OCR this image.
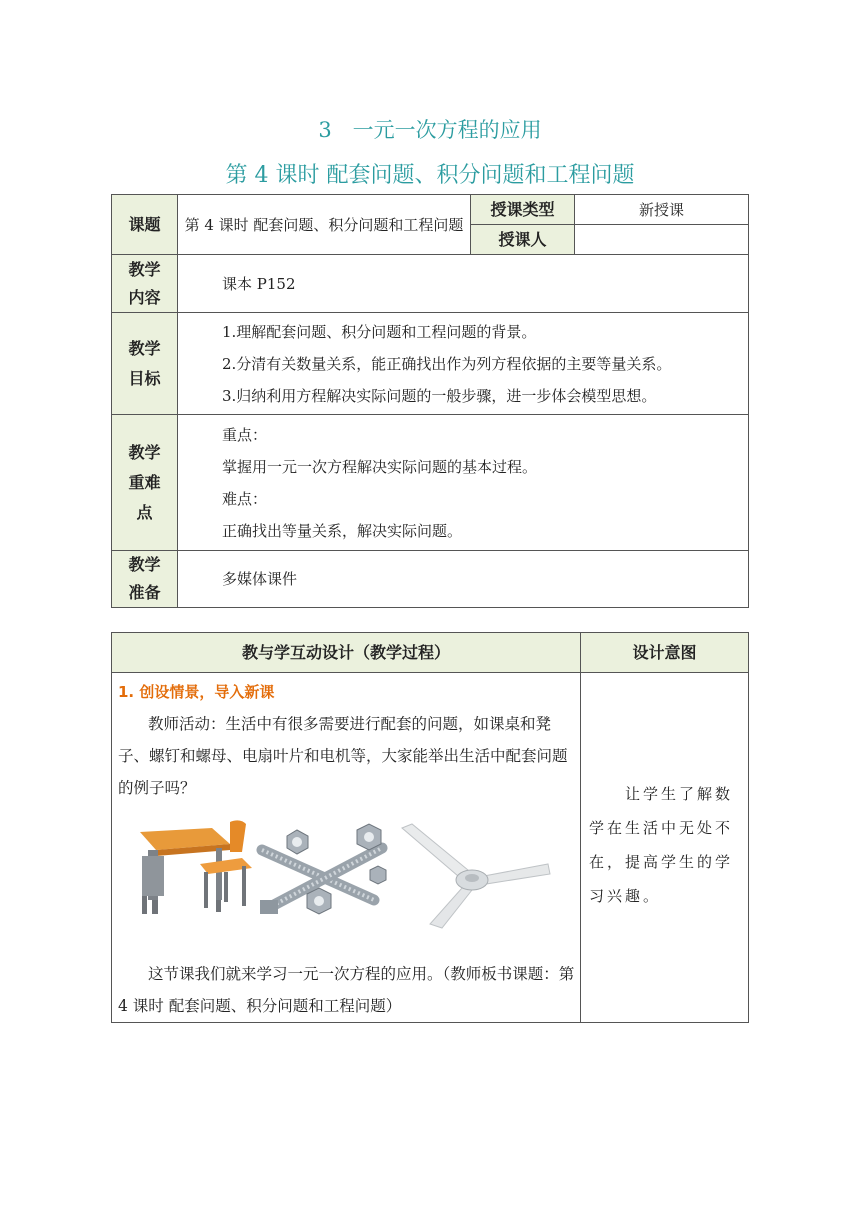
3　一元一次方程的应用
第 4 课时 配套问题、积分问题和工程问题
课题	第 4 课时 配套问题、积分问题和工程问题	授课类型	新授课
		授课人	
教学内容	课本 P152		
教学目标	1.理解配套问题、积分问题和工程问题的背景。

2.分清有关数量关系，能正确找出作为列方程依据的主要等量关系。

3.归纳利用方程解决实际问题的一般步骤，进一步体会模型思想。		

教学重难点	重点：

掌握用一元一次方程解决实际问题的基本过程。

难点：

正确找出等量关系，解决实际问题。		

教学准备	多媒体课件		
教与学互动设计（教学过程）	设计意图

1. 创设情景，导入新课

教师活动：生活中有很多需要进行配套的问题，如课桌和凳子、螺钉和螺母、电扇叶片和电机等，大家能举出生活中配套问题的例子吗？

这节课我们就来学习一元一次方程的应用。（教师板书课题：第 4 课时 配套问题、积分问题和工程问题）	让学生了解数学在生活中无处不在，提高学生的学习兴趣。
